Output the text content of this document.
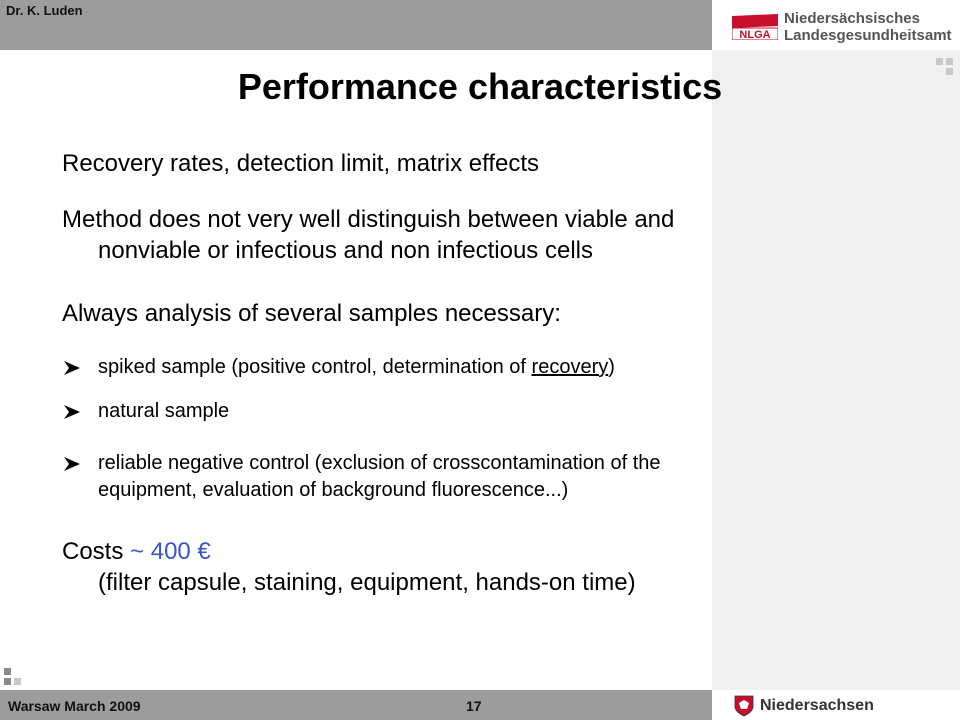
Dr. K. Luden
NLGA
Niedersächsisches
Landesgesundheitsamt
Performance characteristics
Recovery rates, detection limit, matrix effects
Method does not very well distinguish between viable and
nonviable or infectious and non infectious cells
Always analysis of several samples necessary:
spiked sample (positive control, determination of recovery)
natural sample
reliable negative control (exclusion of crosscontamination of the
equipment, evaluation of background fluorescence...)
Costs ~ 400 €
(filter capsule, staining, equipment, hands-on time)
Warsaw March 2009	17	Niedersachsen
